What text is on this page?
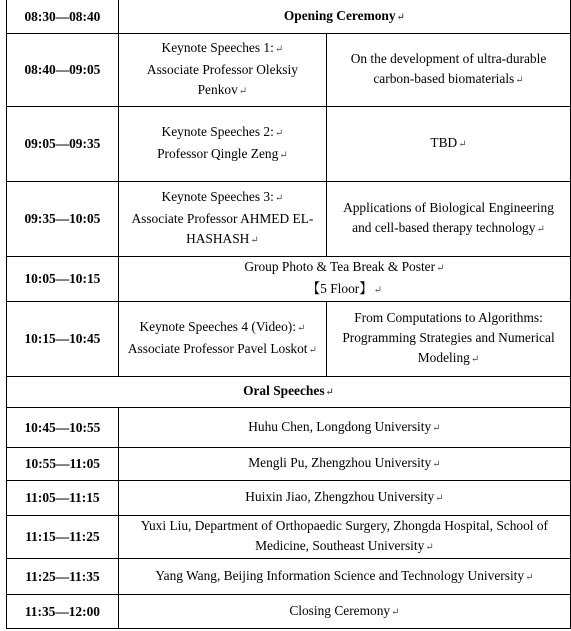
08:30—08:40	Opening Ceremony↵	
08:40—09:05	Keynote Speeches 1:↵
Associate Professor Oleksiy Penkov↵	On the development of ultra-durable
carbon-based biomaterials↵
09:05—09:35	Keynote Speeches 2:↵
Professor Qingle Zeng↵	TBD↵
09:35—10:05	Keynote Speeches 3:↵
Associate Professor AHMED EL-HASHASH↵	Applications of Biological Engineering
and cell-based therapy technology↵
10:05—10:15	Group Photo & Tea Break & Poster↵
【5 Floor】↵	
10:15—10:45	Keynote Speeches 4 (Video):↵
Associate Professor Pavel Loskot↵	From Computations to Algorithms:
Programming Strategies and Numerical
Modeling↵
Oral Speeches↵		
10:45—10:55	Huhu Chen, Longdong University↵	
10:55—11:05	Mengli Pu, Zhengzhou University↵	
11:05—11:15	Huixin Jiao, Zhengzhou University↵	
11:15—11:25	Yuxi Liu, Department of Orthopaedic Surgery, Zhongda Hospital, School of
Medicine, Southeast University↵	
11:25—11:35	Yang Wang, Beijing Information Science and Technology University↵	
11:35—12:00	Closing Ceremony↵	
